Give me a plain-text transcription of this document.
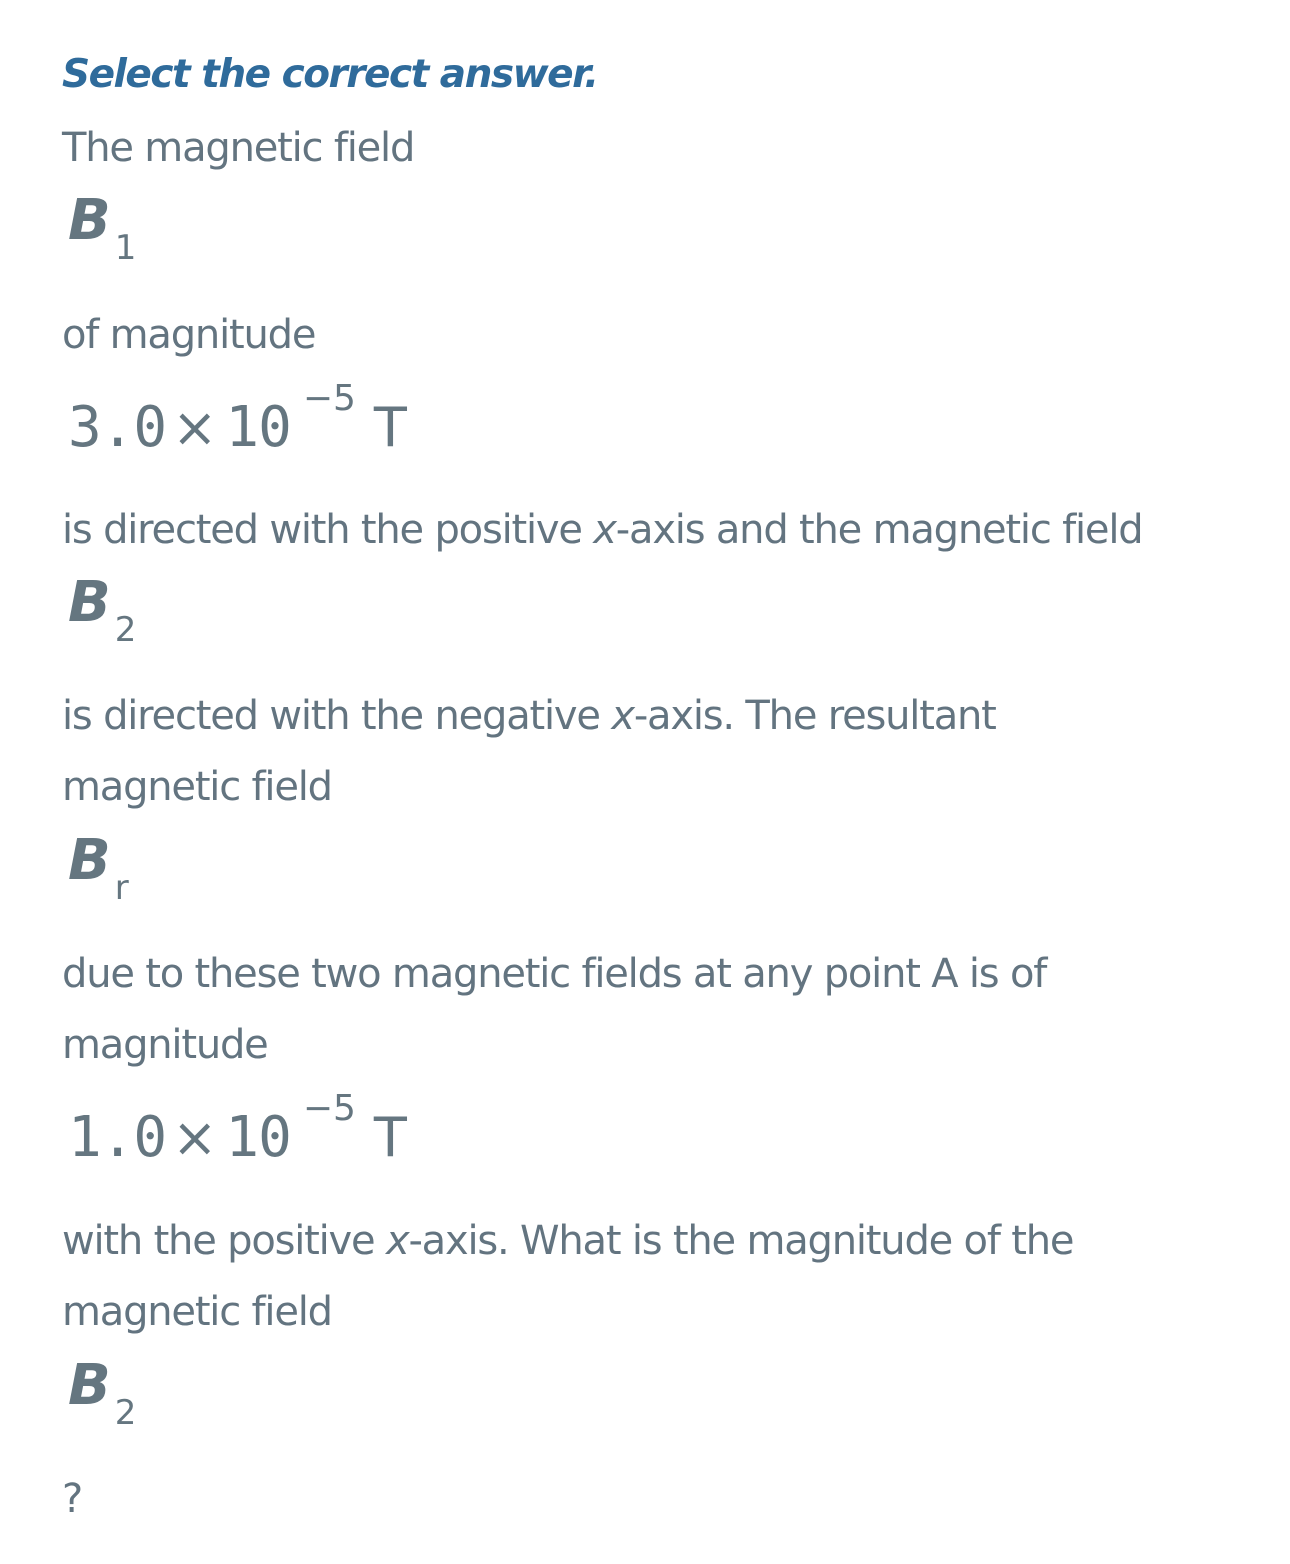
Select the correct answer.

The magnetic field

B 1

of magnitude

3.0 × 10 −5 T

is directed with the positive x-axis and the magnetic field

B 2

is directed with the negative x-axis. The resultant

magnetic field

Br

due to these two magnetic fields at any point A is of

magnitude

1.0 × 10 −5 T

with the positive x-axis. What is the magnitude of the

magnetic field

B 2

?
